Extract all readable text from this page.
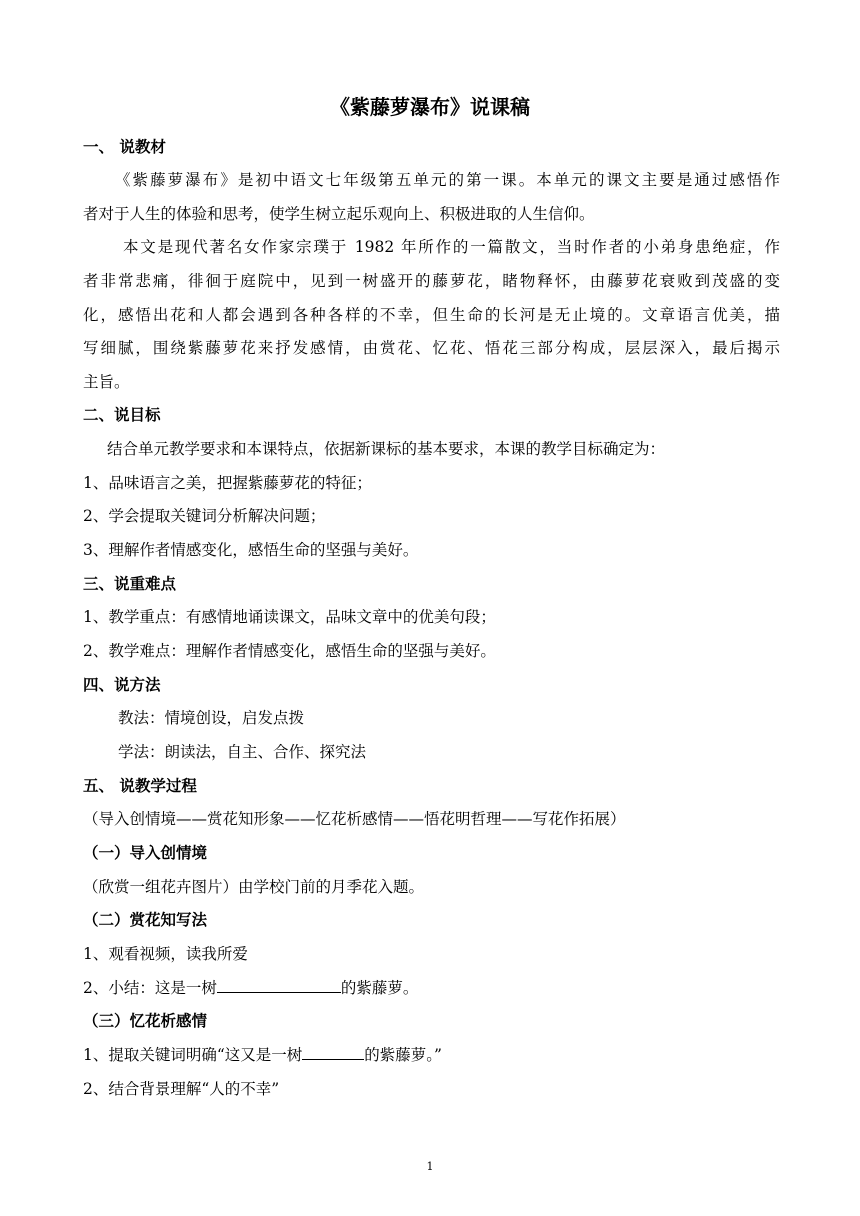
《紫藤萝瀑布》说课稿
一、 说教材
《紫藤萝瀑布》是初中语文七年级第五单元的第一课。本单元的课文主要是通过感悟作
者对于人生的体验和思考，使学生树立起乐观向上、积极进取的人生信仰。
本文是现代著名女作家宗璞于 1982 年所作的一篇散文，当时作者的小弟身患绝症，作
者非常悲痛，徘徊于庭院中，见到一树盛开的藤萝花，睹物释怀，由藤萝花衰败到茂盛的变
化，感悟出花和人都会遇到各种各样的不幸，但生命的长河是无止境的。文章语言优美，描
写细腻，围绕紫藤萝花来抒发感情，由赏花、忆花、悟花三部分构成，层层深入，最后揭示
主旨。
二、说目标
结合单元教学要求和本课特点，依据新课标的基本要求，本课的教学目标确定为：
1、品味语言之美，把握紫藤萝花的特征；
2、学会提取关键词分析解决问题；
3、理解作者情感变化，感悟生命的坚强与美好。
三、说重难点
1、教学重点：有感情地诵读课文，品味文章中的优美句段；
2、教学难点：理解作者情感变化，感悟生命的坚强与美好。
四、说方法
教法：情境创设，启发点拨
学法：朗读法，自主、合作、探究法
五、 说教学过程
（导入创情境——赏花知形象——忆花析感情——悟花明哲理——写花作拓展）
（一）导入创情境
（欣赏一组花卉图片）由学校门前的月季花入题。
（二）赏花知写法
1、观看视频，读我所爱
2、小结：这是一树	的紫藤萝。
（三）忆花析感情
1、提取关键词明确“这又是一树	的紫藤萝。”
2、结合背景理解“人的不幸”
1
